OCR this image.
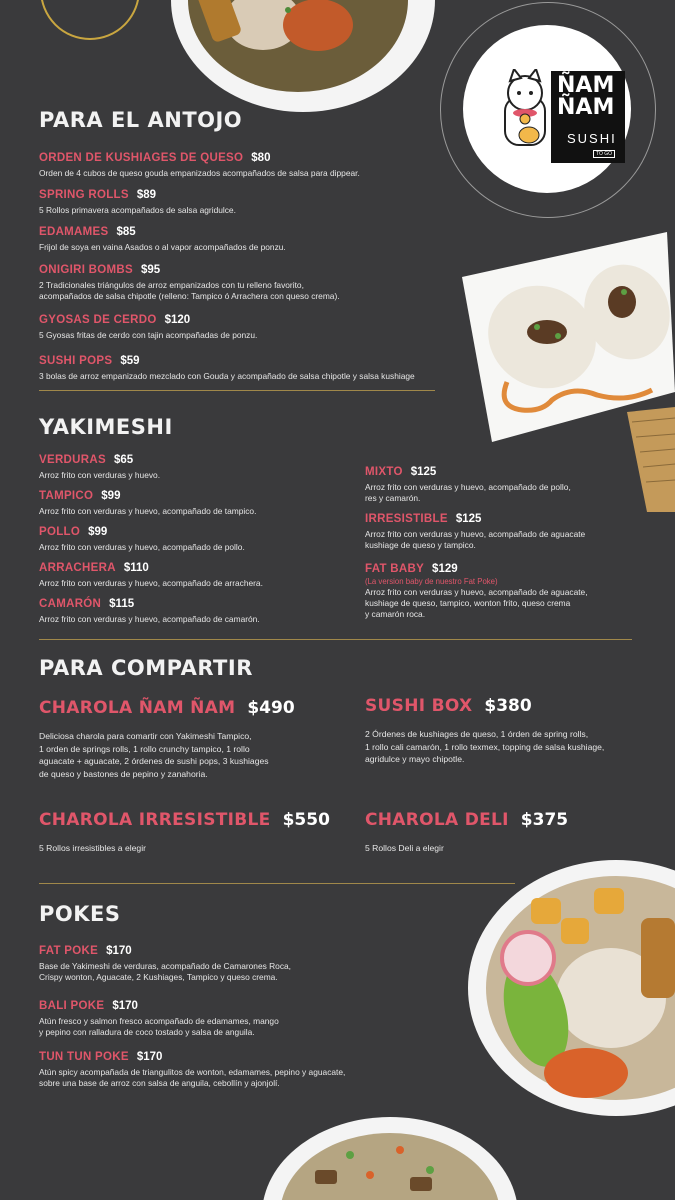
ÑAM
ÑAM
SUSHI
TO GO
PARA EL ANTOJO
ORDEN DE KUSHIAGES DE QUESO $80
Orden de 4 cubos de queso gouda empanizados acompañados de salsa para dippear.
SPRING ROLLS $89
5 Rollos primavera acompañados de salsa agridulce.
EDAMAMES $85
Frijol de soya en vaina Asados o al vapor acompañados de ponzu.
ONIGIRI BOMBS $95
2 Tradicionales triángulos de arroz empanizados con tu relleno favorito,
acompañados de salsa chipotle (relleno: Tampico ó Arrachera con queso crema).
GYOSAS DE CERDO $120
5 Gyosas fritas de cerdo con tajin acompañadas de ponzu.
SUSHI POPS $59
3 bolas de arroz empanizado mezclado con Gouda y acompañado de salsa chipotle y salsa kushiage
YAKIMESHI
VERDURAS $65
Arroz frito con verduras y huevo.
TAMPICO $99
Arroz frito con verduras y huevo, acompañado de tampico.
POLLO $99
Arroz frito con verduras y huevo, acompañado de pollo.
ARRACHERA $110
Arroz frito con verduras y huevo, acompañado de arrachera.
CAMARÓN $115
Arroz frito con verduras y huevo, acompañado de camarón.
MIXTO $125
Arroz frito con verduras y huevo, acompañado de pollo,
res y camarón.
IRRESISTIBLE $125
Arroz frito con verduras y huevo, acompañado de aguacate
kushiage de queso y tampico.
FAT BABY $129
(La version baby de nuestro Fat Poke)
Arroz frito con verduras y huevo, acompañado de aguacate,
kushiage de queso, tampico, wonton frito, queso crema
y camarón roca.
PARA COMPARTIR
CHAROLA ÑAM ÑAM $490
Deliciosa charola para comartir con Yakimeshi Tampico,
1 orden de springs rolls, 1 rollo crunchy tampico, 1 rollo
aguacate + aguacate, 2 órdenes de sushi pops, 3 kushiages
de queso y bastones de pepino y zanahoria.
SUSHI BOX $380
2 Órdenes de kushiages de queso, 1 órden de spring rolls,
1 rollo cali camarón, 1 rollo texmex, topping de salsa kushiage,
agridulce y mayo chipotle.
CHAROLA IRRESISTIBLE $550
5 Rollos irresistibles a elegir
CHAROLA DELI $375
5 Rollos Deli a elegir
POKES
FAT POKE $170
Base de Yakimeshi de verduras, acompañado de Camarones Roca,
Crispy wonton, Aguacate, 2 Kushiages, Tampico y queso crema.
BALI POKE $170
Atún fresco y salmon fresco acompañado de edamames, mango
y pepino con ralladura de coco tostado y salsa de anguila.
TUN TUN POKE $170
Atún spicy acompañada de triangulitos de wonton, edamames, pepino y aguacate,
sobre una base de arroz con salsa de anguila, cebollín y ajonjolí.
